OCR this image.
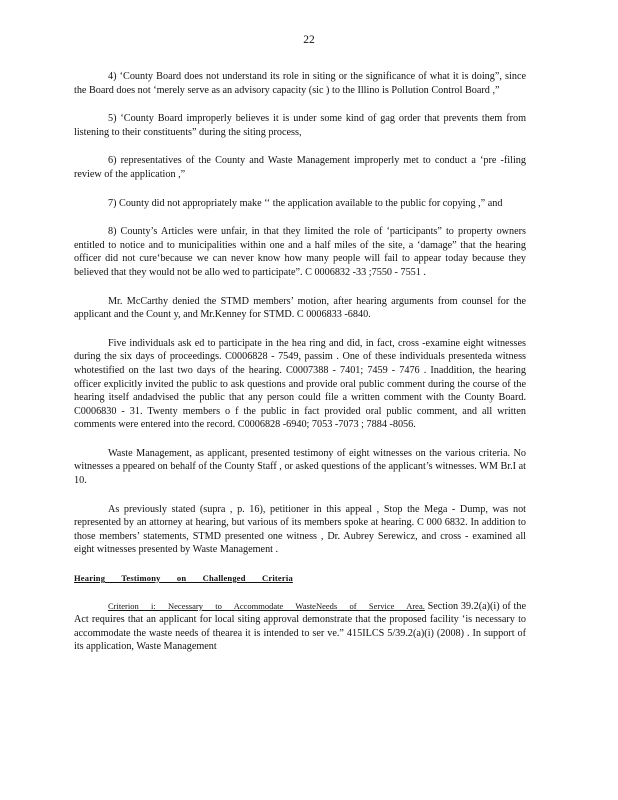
22

4) ‘County Board does not understand its role in siting or the significance of what it is doing”, since the Board does not ‘merely serve as an advisory capacity (sic ) to the Illino is Pollution Control Board ,”

5) ‘County Board improperly believes it is under some kind of gag order that prevents them from listening to their constituents” during the siting process,

6) representatives of the County and Waste Management improperly met to conduct a ‘pre -filing review of the application ,”

7) County did not appropriately make ‘‘ the application available to the public for copying ,” and

8) County’s Articles were unfair, in that they limited the role of ‘participants” to property owners entitled to notice and to municipalities within one and a half miles of the site, a ‘damage” that the hearing officer did not cure‘because we can never know how many people will fail to appear today because they believed that they would not be allo wed to participate”. C 0006832 -33 ;7550 - 7551 .

Mr. McCarthy denied the STMD members’ motion, after hearing arguments from counsel for the applicant and the Count y, and Mr.Kenney for STMD. C 0006833 -6840.

Five individuals ask ed to participate in the hea ring and did, in fact, cross -examine eight witnesses during the six days of proceedings. C0006828 - 7549, passim . One of these individuals presenteda witness whotestified on the last two days of the hearing. C0007388 - 7401; 7459 - 7476 . Inaddition, the hearing officer explicitly invited the public to ask questions and provide oral public comment during the course of the hearing itself andadvised the public that any person could file a written comment with the County Board. C0006830 - 31. Twenty members o f the public in fact provided oral public comment, and all written comments were entered into the record. C0006828 -6940; 7053 -7073 ; 7884 -8056.

Waste Management, as applicant, presented testimony of eight witnesses on the various criteria. No witnesses a ppeared on behalf of the County Staff , or asked questions of the applicant’s witnesses. WM Br.I at 10.

As previously stated (supra , p. 16), petitioner in this appeal , Stop the Mega - Dump, was not represented by an attorney at hearing, but various of its members spoke at hearing. C 000 6832. In addition to those members’ statements, STMD presented one witness , Dr. Aubrey Serewicz, and cross - examined all eight witnesses presented by Waste Management .

Hearing Testimony on Challenged Criteria

Criterion i: Necessary to Accommodate WasteNeeds of Service Area. Section 39.2(a)(i) of the Act requires that an applicant for local siting approval demonstrate that the proposed facility ‘is necessary to accommodate the waste needs of thearea it is intended to ser ve.” 415ILCS 5/39.2(a)(i) (2008) . In support of its application, Waste Management
